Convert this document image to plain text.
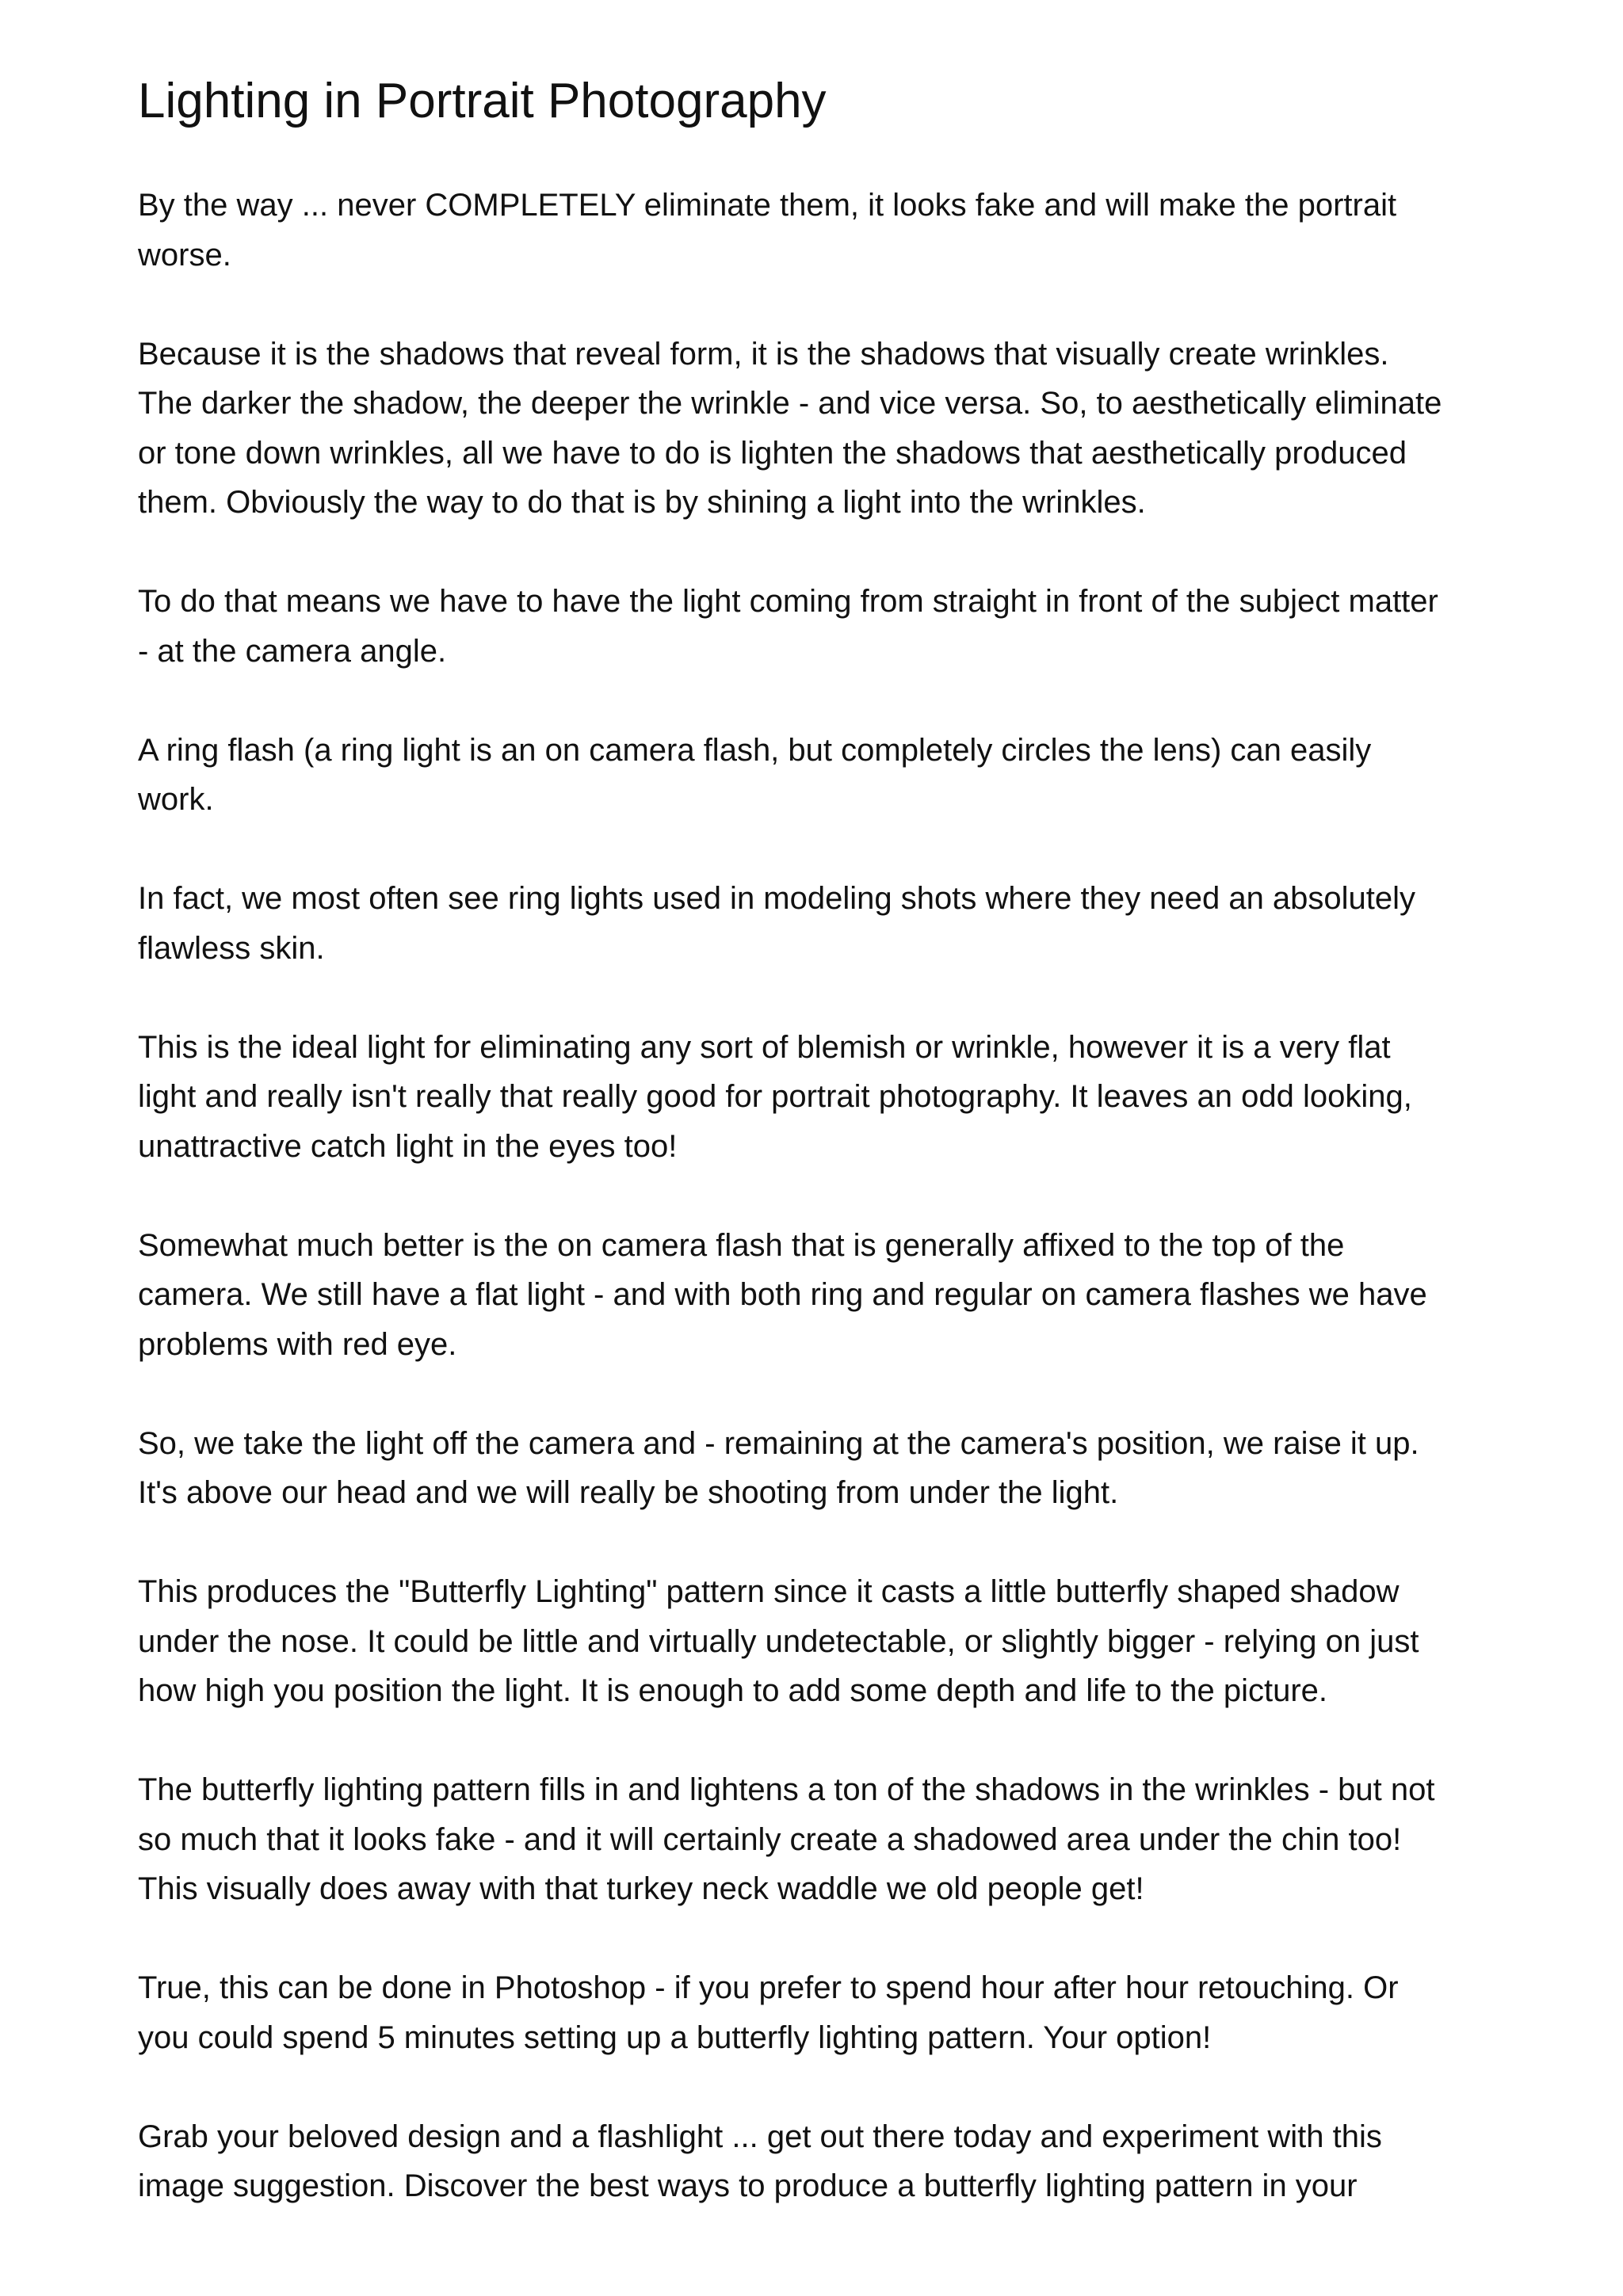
Lighting in Portrait Photography

By the way ... never COMPLETELY eliminate them, it looks fake and will make the portrait
worse.

Because it is the shadows that reveal form, it is the shadows that visually create wrinkles.
The darker the shadow, the deeper the wrinkle - and vice versa. So, to aesthetically eliminate
or tone down wrinkles, all we have to do is lighten the shadows that aesthetically produced
them. Obviously the way to do that is by shining a light into the wrinkles.

To do that means we have to have the light coming from straight in front of the subject matter
- at the camera angle.

A ring flash (a ring light is an on camera flash, but completely circles the lens) can easily
work.

In fact, we most often see ring lights used in modeling shots where they need an absolutely
flawless skin.

This is the ideal light for eliminating any sort of blemish or wrinkle, however it is a very flat
light and really isn't really that really good for portrait photography. It leaves an odd looking,
unattractive catch light in the eyes too!

Somewhat much better is the on camera flash that is generally affixed to the top of the
camera. We still have a flat light - and with both ring and regular on camera flashes we have
problems with red eye.

So, we take the light off the camera and - remaining at the camera's position, we raise it up.
It's above our head and we will really be shooting from under the light.

This produces the "Butterfly Lighting" pattern since it casts a little butterfly shaped shadow
under the nose. It could be little and virtually undetectable, or slightly bigger - relying on just
how high you position the light. It is enough to add some depth and life to the picture.

The butterfly lighting pattern fills in and lightens a ton of the shadows in the wrinkles - but not
so much that it looks fake - and it will certainly create a shadowed area under the chin too!
This visually does away with that turkey neck waddle we old people get!

True, this can be done in Photoshop - if you prefer to spend hour after hour retouching. Or
you could spend 5 minutes setting up a butterfly lighting pattern. Your option!

Grab your beloved design and a flashlight ... get out there today and experiment with this
image suggestion. Discover the best ways to produce a butterfly lighting pattern in your
